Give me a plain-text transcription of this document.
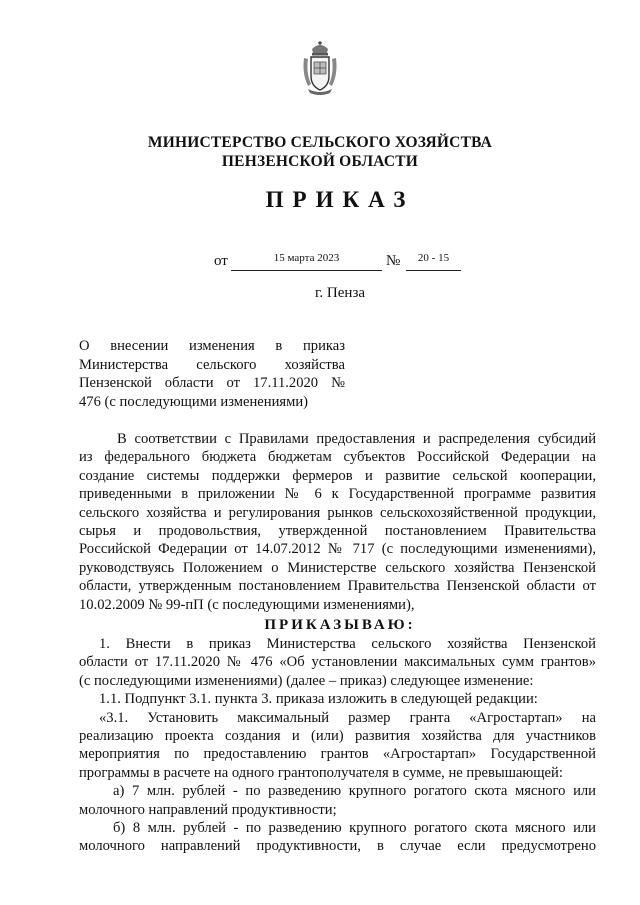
МИНИСТЕРСТВО СЕЛЬСКОГО ХОЗЯЙСТВА
ПЕНЗЕНСКОЙ ОБЛАСТИ
ПРИКАЗ
от	15 марта 2023	№	20 - 15
г. Пенза
О внесении изменения в приказ
Министерства сельского хозяйства
Пензенской области от 17.11.2020 №
476 (с последующими изменениями)
В соответствии с Правилами предоставления и распределения субсидий
из федерального бюджета бюджетам субъектов Российской Федерации на
создание системы поддержки фермеров и развитие сельской кооперации,
приведенными в приложении № 6 к Государственной программе развития
сельского хозяйства и регулирования рынков сельскохозяйственной продукции,
сырья и продовольствия, утвержденной постановлением Правительства
Российской Федерации от 14.07.2012 № 717 (с последующими изменениями),
руководствуясь Положением о Министерстве сельского хозяйства Пензенской
области, утвержденным постановлением Правительства Пензенской области от
10.02.2009 № 99-пП (с последующими изменениями),
ПРИКАЗЫВАЮ:
1. Внести в приказ Министерства сельского хозяйства Пензенской
области от 17.11.2020 № 476 «Об установлении максимальных сумм грантов»
(с последующими изменениями) (далее – приказ) следующее изменение:
1.1. Подпункт 3.1. пункта 3. приказа изложить в следующей редакции:
«3.1. Установить максимальный размер гранта «Агростартап» на
реализацию проекта создания и (или) развития хозяйства для участников
мероприятия по предоставлению грантов «Агростартап» Государственной
программы в расчете на одного грантополучателя в сумме, не превышающей:
а) 7 млн. рублей - по разведению крупного рогатого скота мясного или
молочного направлений продуктивности;
б) 8 млн. рублей - по разведению крупного рогатого скота мясного или
молочного направлений продуктивности, в случае если предусмотрено
